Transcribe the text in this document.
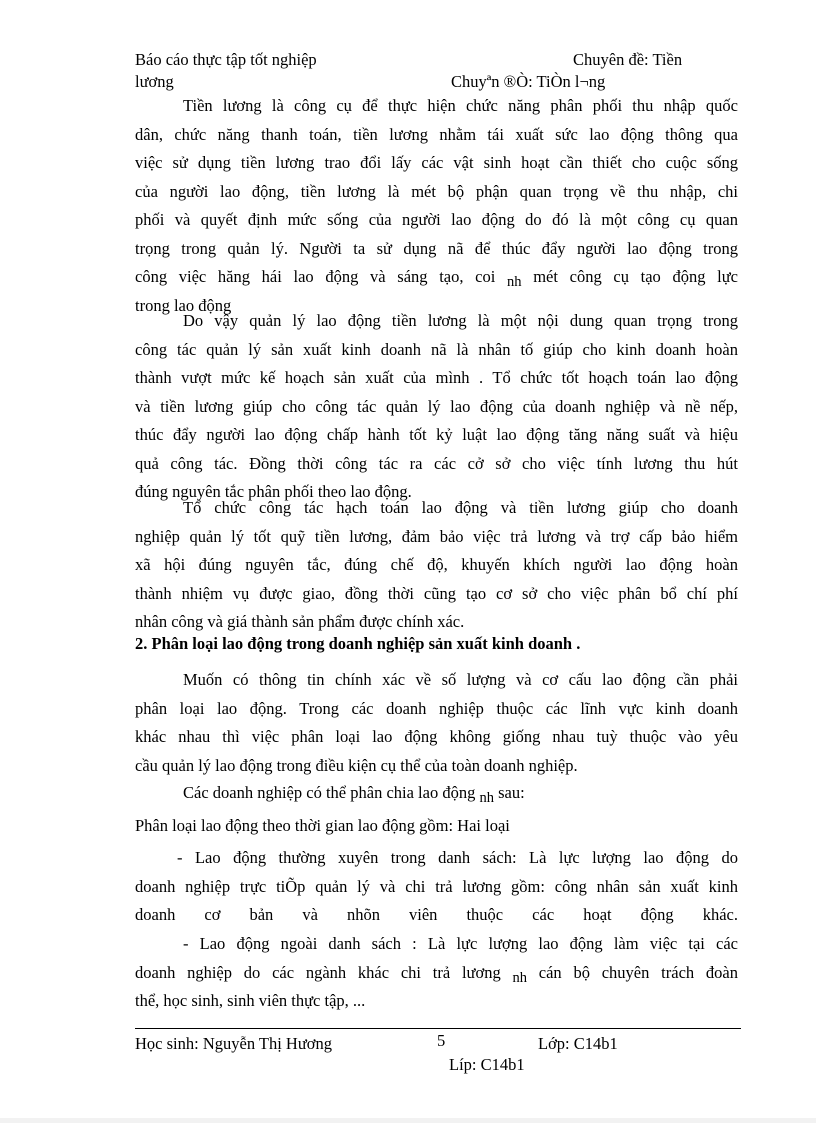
Báo cáo thực tập tốt nghiệp
lương
Chuyên đề: Tiền
Chuyªn ®Ò: TiÒn l¬ng
Tiền lương là công cụ để thực hiện chức năng phân phối thu nhập quốc
dân, chức năng thanh toán, tiền lương nhằm tái xuất sức lao động thông qua
việc sử dụng tiền lương trao đổi lấy các vật sinh hoạt cần thiết cho cuộc sống
của người lao động, tiền lương là mét bộ phận quan trọng về thu nhập, chi
phối và quyết định mức sống của người lao động do đó là một công cụ quan
trọng trong quản lý. Người ta sử dụng nã để thúc đẩy người lao động trong
công việc hăng hái lao động và sáng tạo, coi nh mét công cụ tạo động lực
trong lao động
Do vậy quản lý lao động tiền lương là một nội dung quan trọng trong
công tác quản lý sản xuất kinh doanh nã là nhân tố giúp cho kinh doanh hoàn
thành vượt mức kế hoạch sản xuất của mình . Tổ chức tốt hoạch toán lao động
và tiền lương giúp cho công tác quản lý lao động của doanh nghiệp và nề nếp,
thúc đẩy người lao động chấp hành tốt kỷ luật lao động tăng năng suất và hiệu
quả công tác. Đồng thời công tác ra các cở sở cho việc tính lương thu hút
đúng nguyên tắc phân phối theo lao động.
Tổ chức công tác hạch toán lao động và tiền lương giúp cho doanh
nghiệp quản lý tốt quỹ tiền lương, đảm bảo việc trả lương và trợ cấp bảo hiểm
xã hội đúng nguyên tắc, đúng chế độ, khuyến khích người lao động hoàn
thành nhiệm vụ được giao, đồng thời cũng tạo cơ sở cho việc phân bổ chí phí
nhân công và giá thành sản phẩm được chính xác.
2. Phân loại lao động trong doanh nghiệp sản xuất kinh doanh .
Muốn có thông tin chính xác về số lượng và cơ cấu lao động cần phải
phân loại lao động. Trong các doanh nghiệp thuộc các lĩnh vực kinh doanh
khác nhau thì việc phân loại lao động không giống nhau tuỳ thuộc vào yêu
cầu quản lý lao động trong điều kiện cụ thể của toàn doanh nghiệp.
Các doanh nghiệp có thể phân chia lao động nh sau:
Phân loại lao động theo thời gian lao động gồm: Hai loại
- Lao động thường xuyên trong danh sách: Là lực lượng lao động do
doanh nghiệp trực tiÕp quản lý và chi trả lương gồm: công nhân sản xuất kinh
doanh cơ bản và nhõn viên thuộc các hoạt động khác.
- Lao động ngoài danh sách : Là lực lượng lao động làm việc tại các
doanh nghiệp do các ngành khác chi trả lương nh cán bộ chuyên trách đoàn
thể, học sinh, sinh viên thực tập, ...
Học sinh: Nguyễn Thị Hương	5	Lớp: C14b1
Líp: C14b1
